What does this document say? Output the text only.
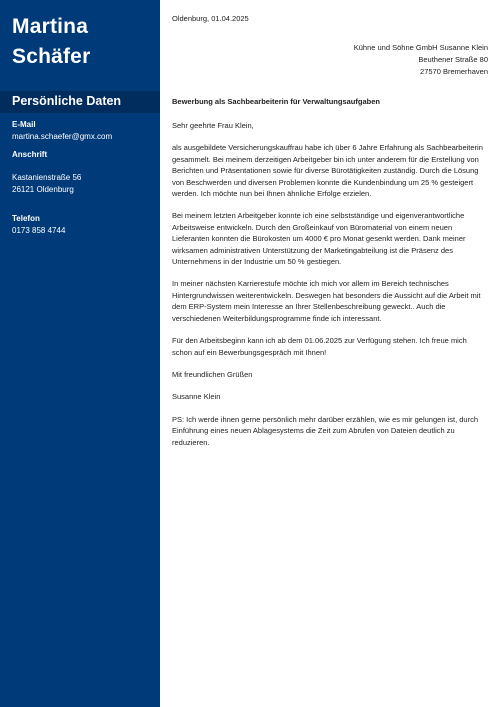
Martina
Schäfer
Persönliche Daten
E-Mail
martina.schaefer@gmx.com
Anschrift
Kastanienstraße 56
26121 Oldenburg
Telefon
0173 858 4744
Oldenburg, 01.04.2025
Kühne und Söhne GmbH Susanne Klein
Beuthener Straße 80
27570 Bremerhaven
Bewerbung als Sachbearbeiterin für Verwaltungsaufgaben

Sehr geehrte Frau Klein,

als ausgebildete Versicherungskauffrau habe ich über 6 Jahre Erfahrung als Sachbearbeiterin gesammelt. Bei meinem derzeitigen Arbeitgeber bin ich unter anderem für die Erstellung von Berichten und Präsentationen sowie für diverse Bürotätigkeiten zuständig. Durch die Lösung von Beschwerden und diversen Problemen konnte die Kundenbindung um 25 % gesteigert werden. Ich möchte nun bei Ihnen ähnliche Erfolge erzielen.

Bei meinem letzten Arbeitgeber konnte ich eine selbstständige und eigenverantwortliche Arbeitsweise entwickeln. Durch den Großeinkauf von Büromaterial von einem neuen Lieferanten konnten die Bürokosten um 4000 € pro Monat gesenkt werden. Dank meiner wirksamen administrativen Unterstützung der Marketingabteilung ist die Präsenz des Unternehmens in der Industrie um 50 % gestiegen.

In meiner nächsten Karrierestufe möchte ich mich vor allem im Bereich technisches Hintergrundwissen weiterentwickeln. Deswegen hat besonders die Aussicht auf die Arbeit mit dem ERP-System mein Interesse an Ihrer Stellenbeschreibung geweckt.. Auch die verschiedenen Weiterbildungsprogramme finde ich interessant.

Für den Arbeitsbeginn kann ich ab dem 01.06.2025 zur Verfügung stehen. Ich freue mich schon auf ein Bewerbungsgespräch mit Ihnen!

Mit freundlichen Grüßen

Susanne Klein

PS: Ich werde ihnen gerne persönlich mehr darüber erzählen, wie es mir gelungen ist, durch Einführung eines neuen Ablagesystems die Zeit zum Abrufen von Dateien deutlich zu reduzieren.
